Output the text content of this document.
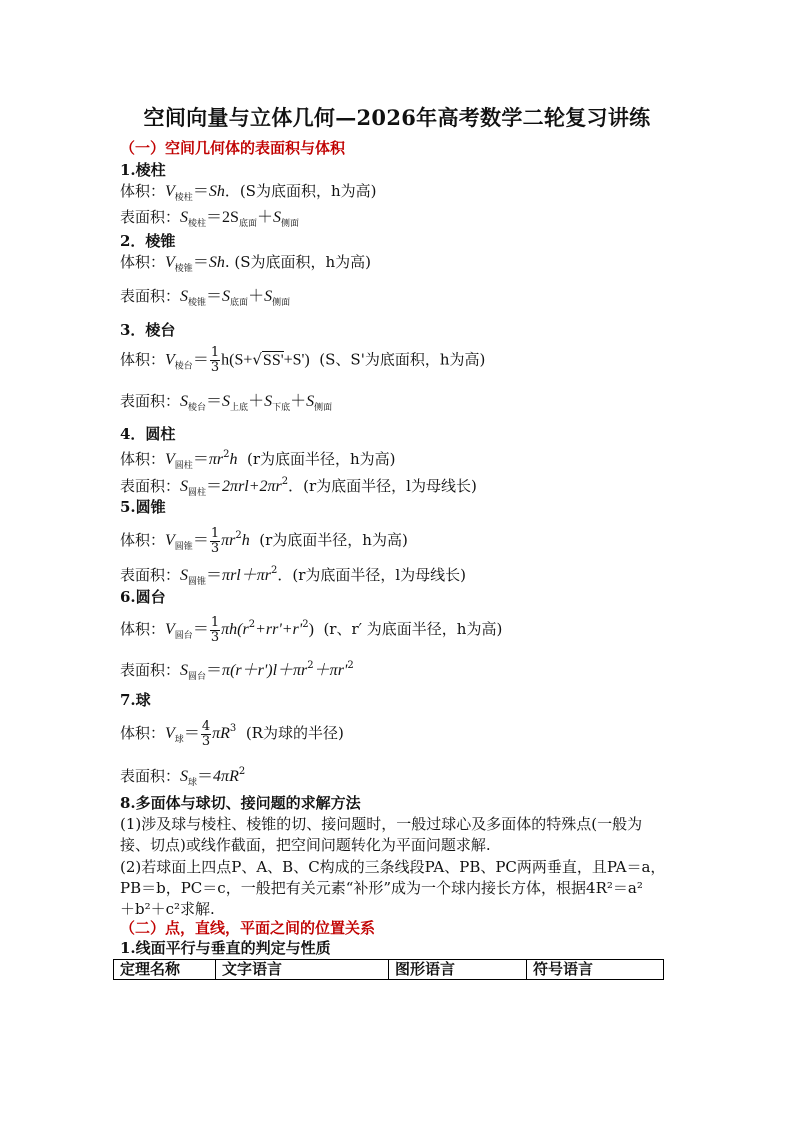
空间向量与立体几何—2026年高考数学二轮复习讲练
（一）空间几何体的表面积与体积
1.棱柱
体积：$V_{棱柱}=Sh$．(S为底面积，h为高)
表面积：$S_{棱柱}=2S_{底面}+S_{侧面}$
2．棱锥
体积：$V_{棱锥}=Sh$. (S为底面积，h为高)
表面积：$S_{棱锥}=S_{底面}+S_{侧面}$
3．棱台
体积：$V_{棱台}= \frac{1}{3} h(S+√SS'+S')$ (S、S'为底面积，h为高)
表面积：$S_{棱台}=S_{上底}+S_{下底}+S_{侧面}$
4．圆柱
体积：$V_{圆柱}=\pi r^2h$ (r为底面半径，h为高)
表面积：$S_{圆柱}=2\pi rl+2\pi r^2$．(r为底面半径，l为母线长)
5.圆锥
体积：$V_{圆锥}= \frac{1}{3} \pi r^2h$ (r为底面半径，h为高)
表面积：$S_{圆锥}=\pi rl+\pi r^2$．(r为底面半径，l为母线长)
6.圆台
体积：$V_{圆台}= \frac{1}{3} \pi h(r^2+rr'+r'^2)$ (r、r′ 为底面半径，h为高)
表面积：$S_{圆台}=\pi(r+r')l+\pi r^2+\pi r'^2$
7.球
体积：$V_球= \frac{4}{3} \pi R^3$ (R为球的半径)
表面积：$S_球=4\pi R^2$
8.多面体与球切、接问题的求解方法
(1)涉及球与棱柱、棱锥的切、接问题时，一般过球心及多面体的特殊点(一般为
接、切点)或线作截面，把空间问题转化为平面问题求解.
(2)若球面上四点P、A、B、C构成的三条线段PA、PB、PC两两垂直，且PA＝a，
PB＝b，PC＝c，一般把有关元素“补形”成为一个球内接长方体，根据4R²＝a²
＋b²＋c²求解.
（二）点，直线，平面之间的位置关系
1.线面平行与垂直的判定与性质
定理名称	文字语言	图形语言	符号语言
